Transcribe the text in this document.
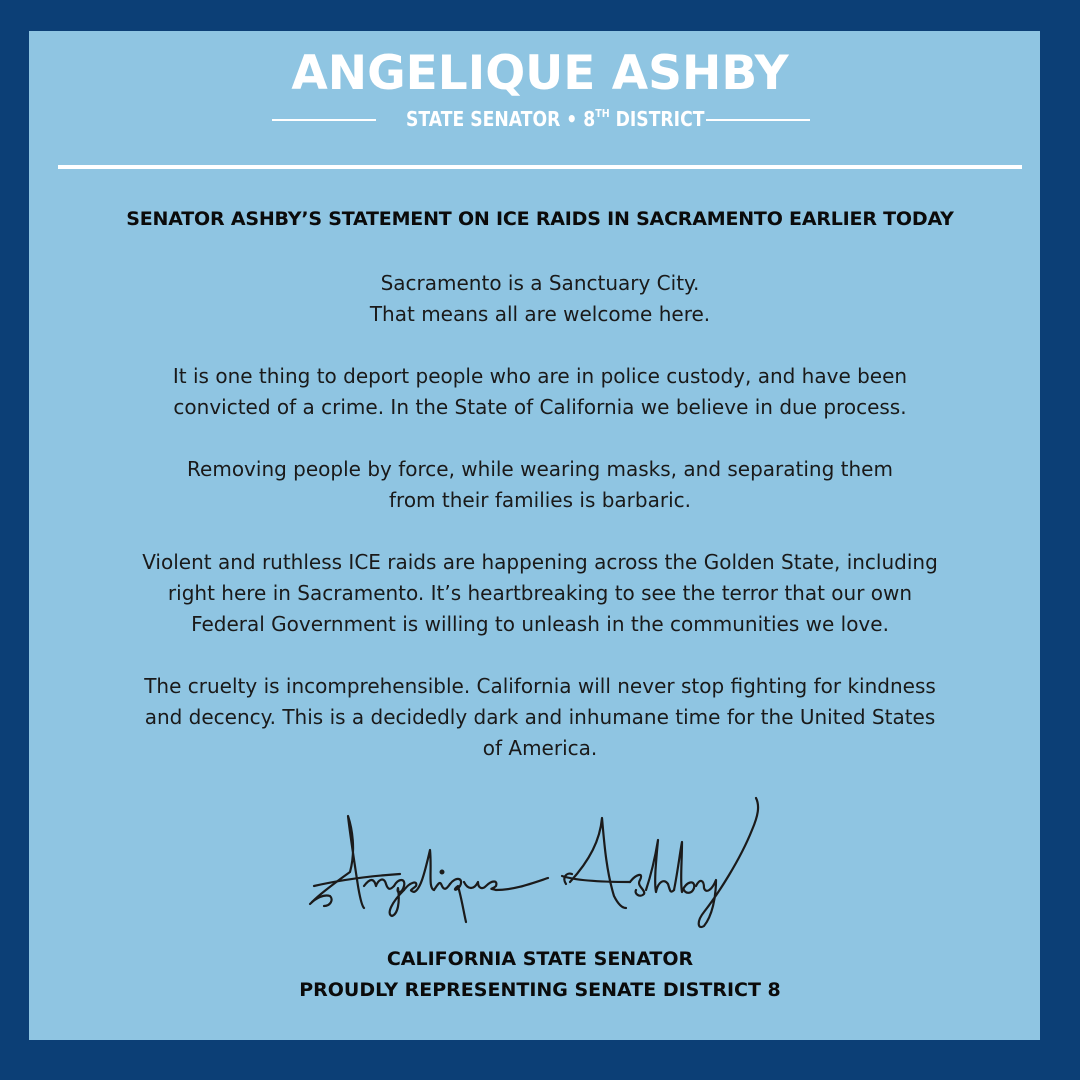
ANGELIQUE ASHBY
STATE SENATOR • 8TH DISTRICT
SENATOR ASHBY’S STATEMENT ON ICE RAIDS IN SACRAMENTO EARLIER TODAY

Sacramento is a Sanctuary City.
That means all are welcome here.

It is one thing to deport people who are in police custody, and have been
convicted of a crime. In the State of California we believe in due process.

Removing people by force, while wearing masks, and separating them
from their families is barbaric.

Violent and ruthless ICE raids are happening across the Golden State, including
right here in Sacramento. It’s heartbreaking to see the terror that our own
Federal Government is willing to unleash in the communities we love.

The cruelty is incomprehensible. California will never stop fighting for kindness
and decency. This is a decidedly dark and inhumane time for the United States
of America.

CALIFORNIA STATE SENATOR
PROUDLY REPRESENTING SENATE DISTRICT 8
